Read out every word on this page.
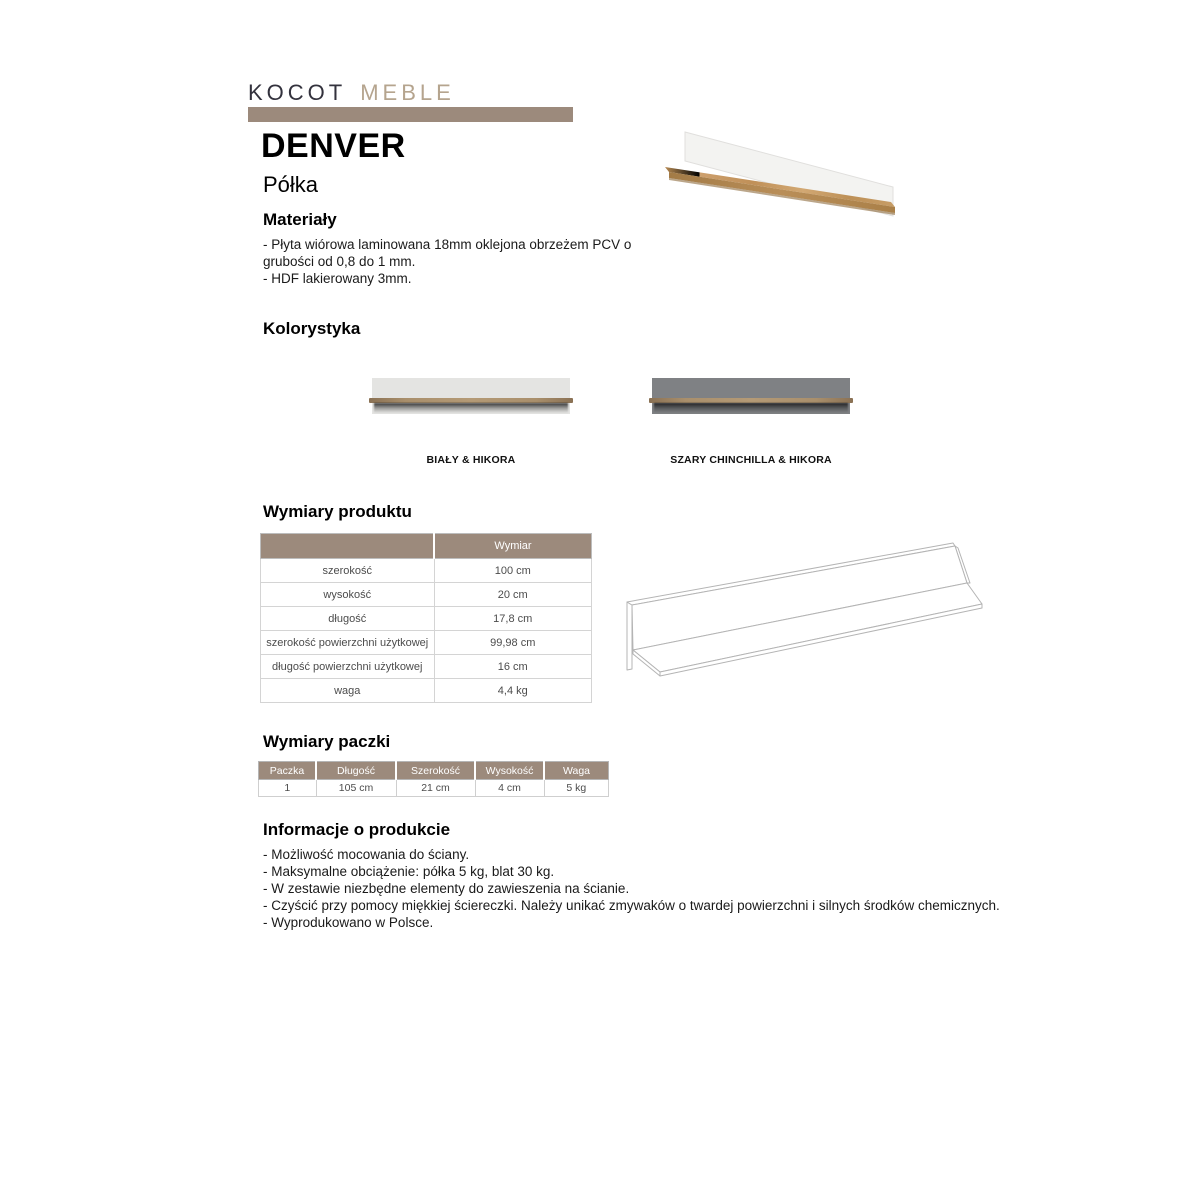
KOCOT MEBLE
DENVER
Półka
Materiały
- Płyta wiórowa laminowana 18mm oklejona obrzeżem PCV o grubości od 0,8 do 1 mm.
- HDF lakierowany 3mm.
Kolorystyka
BIAŁY & HIKORA	SZARY CHINCHILLA & HIKORA
Wymiary produktu
	Wymiar
szerokość	100 cm
wysokość	20 cm
długość	17,8 cm
szerokość powierzchni użytkowej	99,98 cm
długość powierzchni użytkowej	16 cm
waga	4,4 kg
Wymiary paczki
Paczka	Długość	Szerokość	Wysokość	Waga
1	105 cm	21 cm	4 cm	5 kg
Informacje o produkcie
- Możliwość mocowania do ściany.
- Maksymalne obciążenie: półka 5 kg, blat 30 kg.
- W zestawie niezbędne elementy do zawieszenia na ścianie.
- Czyścić przy pomocy miękkiej ściereczki. Należy unikać zmywaków o twardej powierzchni i silnych środków chemicznych.
- Wyprodukowano w Polsce.
